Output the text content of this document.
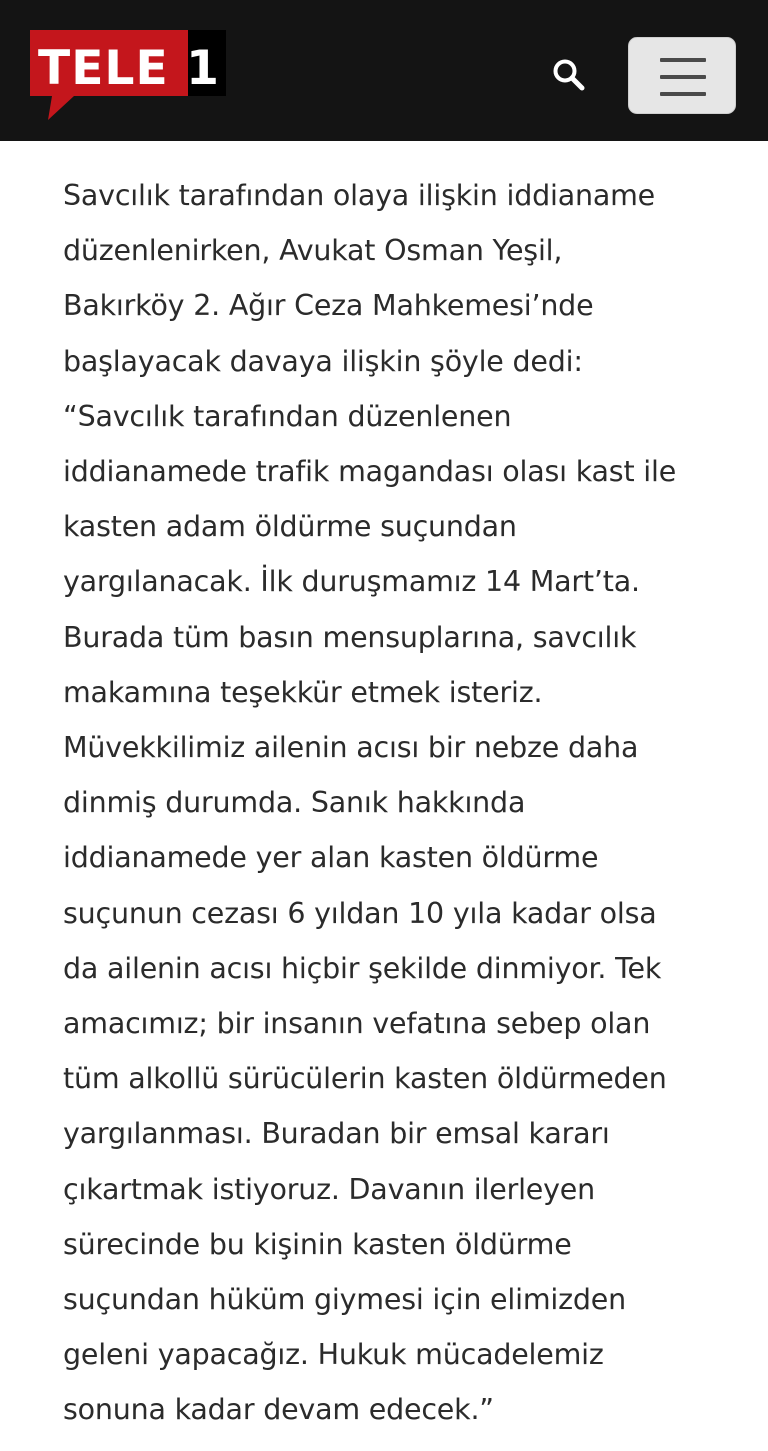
TELE 1

Savcılık tarafından olaya ilişkin iddianame
düzenlenirken, Avukat Osman Yeşil,
Bakırköy 2. Ağır Ceza Mahkemesi’nde
başlayacak davaya ilişkin şöyle dedi:
“Savcılık tarafından düzenlenen
iddianamede trafik magandası olası kast ile
kasten adam öldürme suçundan
yargılanacak. İlk duruşmamız 14 Mart’ta.
Burada tüm basın mensuplarına, savcılık
makamına teşekkür etmek isteriz.
Müvekkilimiz ailenin acısı bir nebze daha
dinmiş durumda. Sanık hakkında
iddianamede yer alan kasten öldürme
suçunun cezası 6 yıldan 10 yıla kadar olsa
da ailenin acısı hiçbir şekilde dinmiyor. Tek
amacımız; bir insanın vefatına sebep olan
tüm alkollü sürücülerin kasten öldürmeden
yargılanması. Buradan bir emsal kararı
çıkartmak istiyoruz. Davanın ilerleyen
sürecinde bu kişinin kasten öldürme
suçundan hüküm giymesi için elimizden
geleni yapacağız. Hukuk mücadelemiz
sonuna kadar devam edecek.”
